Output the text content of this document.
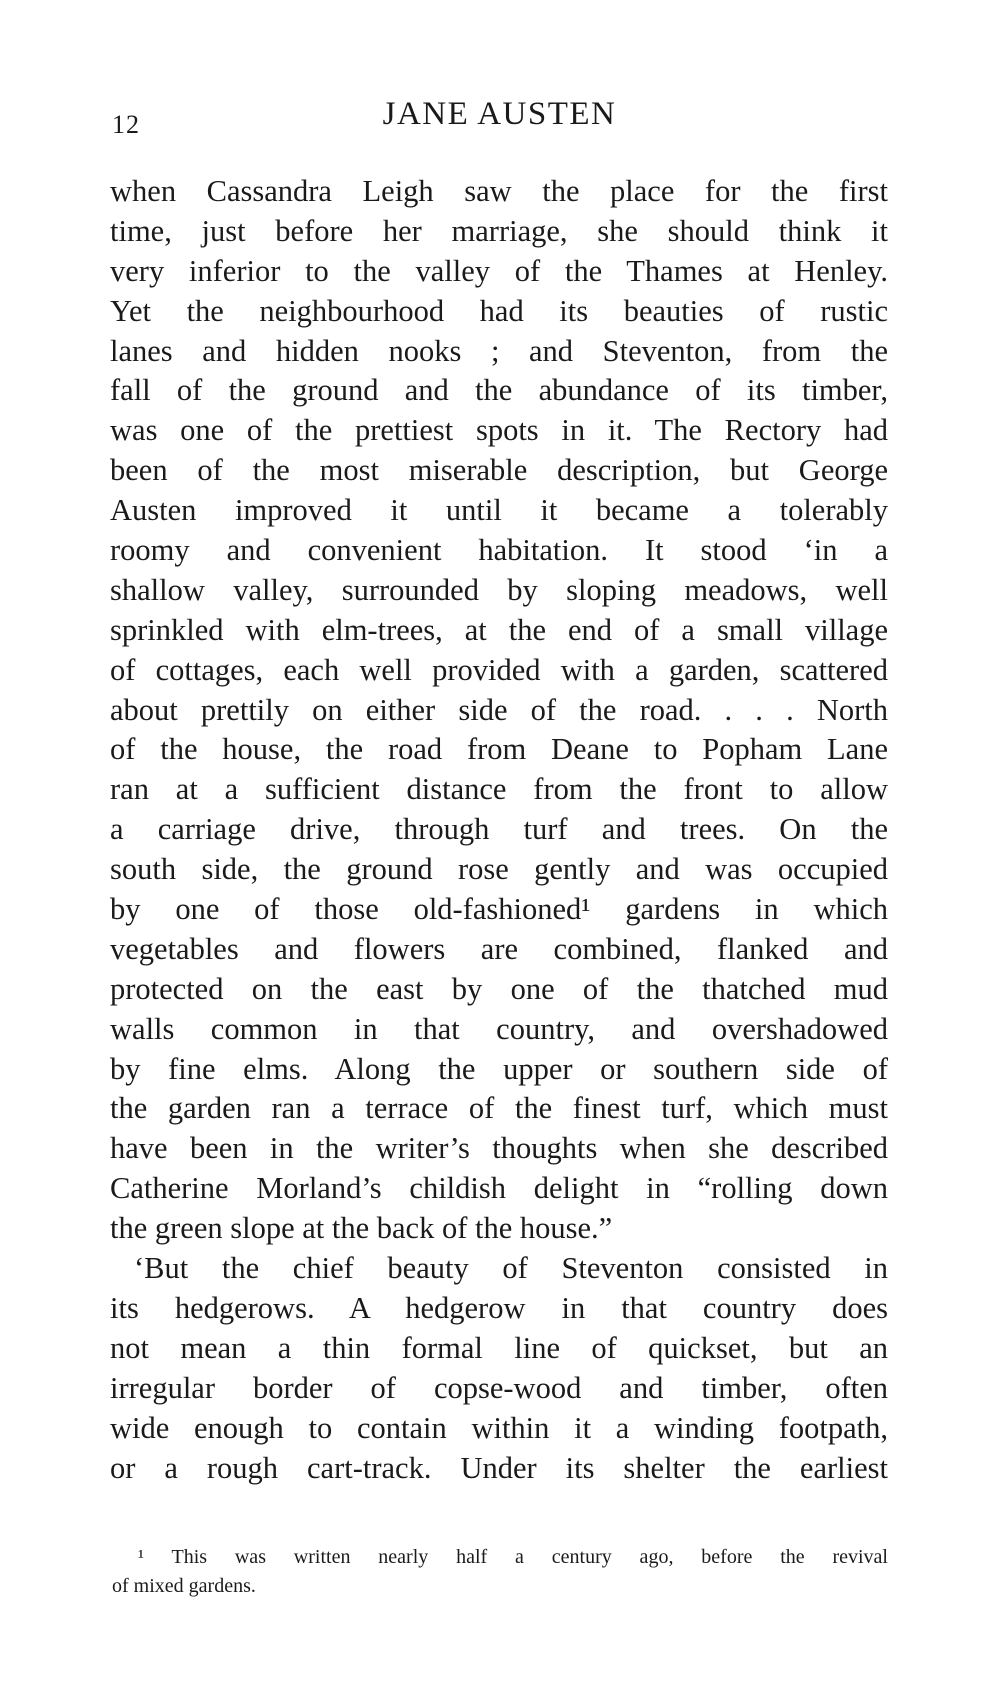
12	JANE AUSTEN
when Cassandra Leigh saw the place for the first
time, just before her marriage, she should think it
very inferior to the valley of the Thames at Henley.
Yet the neighbourhood had its beauties of rustic
lanes and hidden nooks ; and Steventon, from the
fall of the ground and the abundance of its timber,
was one of the prettiest spots in it. The Rectory had
been of the most miserable description, but George
Austen improved it until it became a tolerably
roomy and convenient habitation. It stood ‘in a
shallow valley, surrounded by sloping meadows, well
sprinkled with elm-trees, at the end of a small village
of cottages, each well provided with a garden, scattered
about prettily on either side of the road. . . . North
of the house, the road from Deane to Popham Lane
ran at a sufficient distance from the front to allow
a carriage drive, through turf and trees. On the
south side, the ground rose gently and was occupied
by one of those old-fashioned¹ gardens in which
vegetables and flowers are combined, flanked and
protected on the east by one of the thatched mud
walls common in that country, and overshadowed
by fine elms. Along the upper or southern side of
the garden ran a terrace of the finest turf, which must
have been in the writer’s thoughts when she described
Catherine Morland’s childish delight in “rolling down
the green slope at the back of the house.”
‘But the chief beauty of Steventon consisted in
its hedgerows. A hedgerow in that country does
not mean a thin formal line of quickset, but an
irregular border of copse-wood and timber, often
wide enough to contain within it a winding footpath,
or a rough cart-track. Under its shelter the earliest
¹ This was written nearly half a century ago, before the revival
of mixed gardens.
